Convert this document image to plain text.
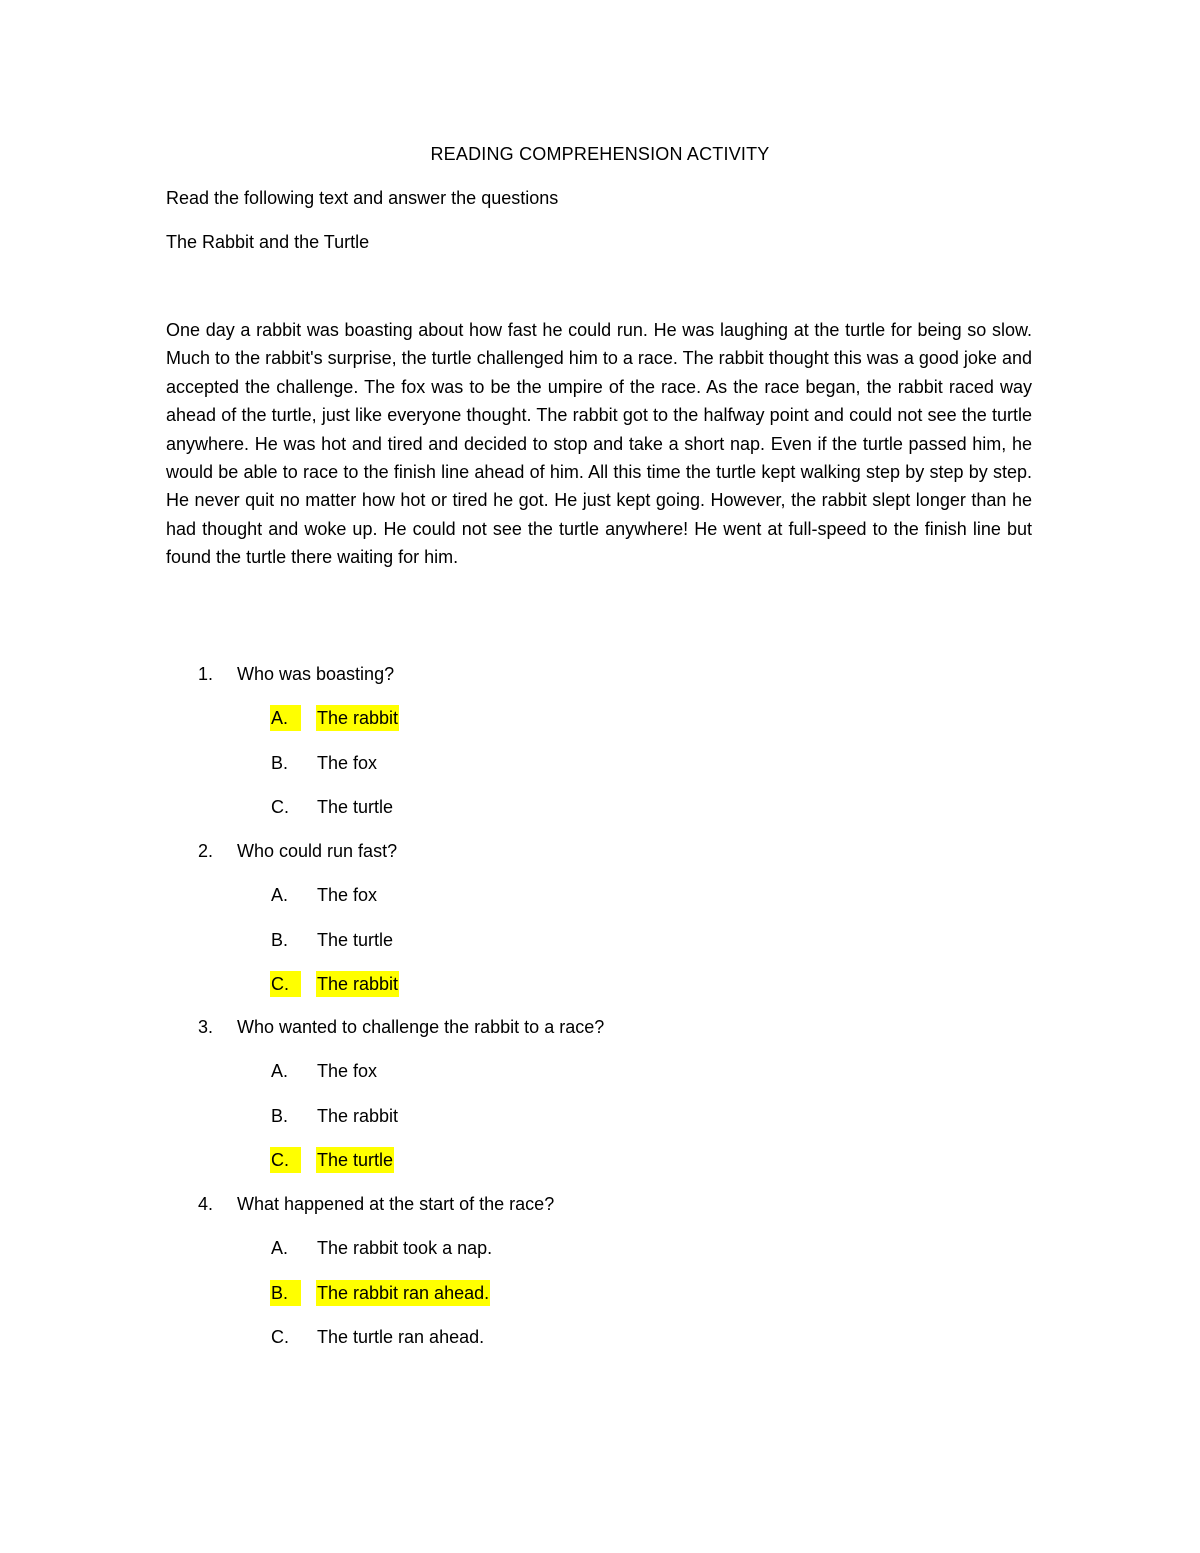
READING COMPREHENSION ACTIVITY
Read the following text and answer the questions
The Rabbit and the Turtle
One day a rabbit was boasting about how fast he could run. He was laughing at the turtle for being so slow. Much to the rabbit's surprise, the turtle challenged him to a race. The rabbit thought this was a good joke and accepted the challenge. The fox was to be the umpire of the race. As the race began, the rabbit raced way ahead of the turtle, just like everyone thought. The rabbit got to the halfway point and could not see the turtle anywhere. He was hot and tired and decided to stop and take a short nap. Even if the turtle passed him, he would be able to race to the finish line ahead of him. All this time the turtle kept walking step by step by step. He never quit no matter how hot or tired he got. He just kept going. However, the rabbit slept longer than he had thought and woke up. He could not see the turtle anywhere! He went at full-speed to the finish line but found the turtle there waiting for him.
1.	Who was boasting?
A.	The rabbit
B.	The fox
C.	The turtle
2.	Who could run fast?
A.	The fox
B.	The turtle
C.	The rabbit
3.	Who wanted to challenge the rabbit to a race?
A.	The fox
B.	The rabbit
C.	The turtle
4.	What happened at the start of the race?
A.	The rabbit took a nap.
B.	The rabbit ran ahead.
C.	The turtle ran ahead.
